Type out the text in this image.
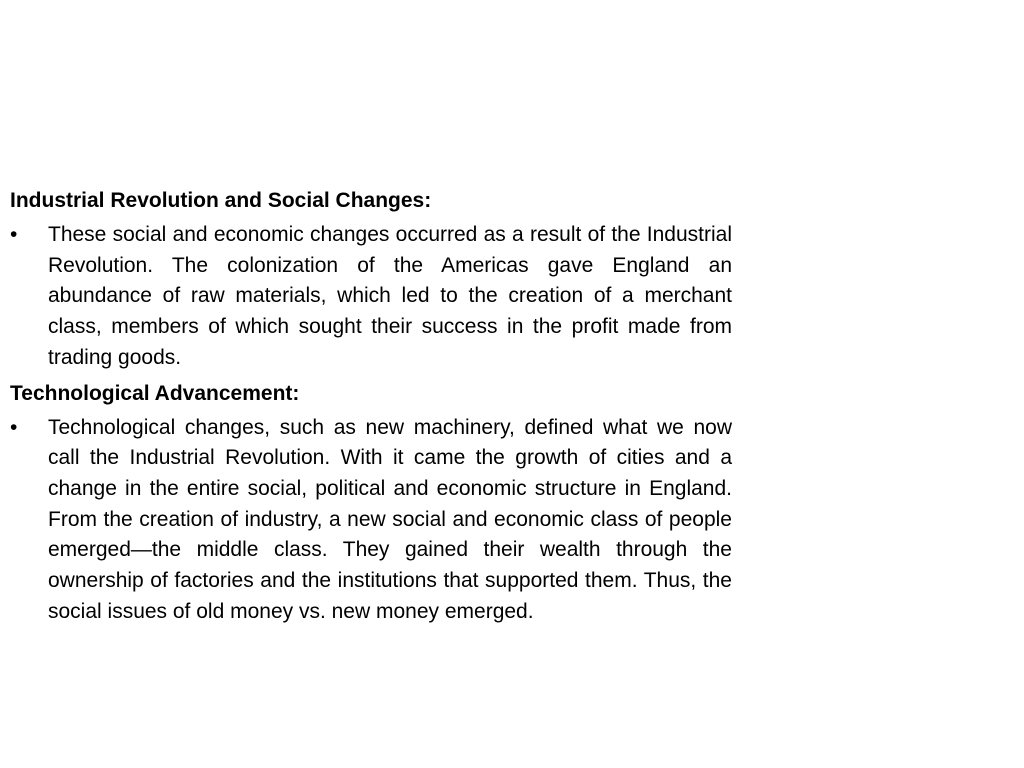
Industrial Revolution and Social Changes:

•	These social and economic changes occurred as a result of the Industrial Revolution. The colonization of the Americas gave England an abundance of raw materials, which led to the creation of a merchant class, members of which sought their success in the profit made from trading goods.

Technological Advancement:

•	Technological changes, such as new machinery, defined what we now call the Industrial Revolution. With it came the growth of cities and a change in the entire social, political and economic structure in England. From the creation of industry, a new social and economic class of people emerged—the middle class. They gained their wealth through the ownership of factories and the institutions that supported them. Thus, the social issues of old money vs. new money emerged.
